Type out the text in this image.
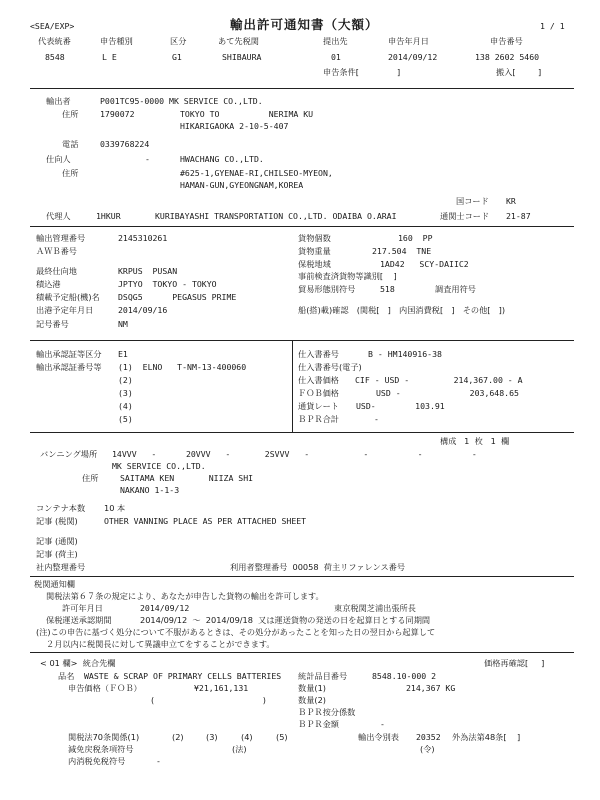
<SEA/EXP>	輸出許可通知書（大額）	1 / 1
代表統番	申告種別	区分	あて先税関	提出先	申告年月日	申告番号
8548	L E	G1	SHIBAURA	01	2014/09/12	138 2602 5460
申告条件[	]	搬入[	]
輸出者	P001TC95-0000 MK SERVICE CO.,LTD.
住所	1790072	TOKYO TO          NERIMA KU
HIKARIGAOKA 2-10-5-407
電話	0339768224
仕向人	-	HWACHANG CO.,LTD.
住所	#625-1,GYENAE-RI,CHILSEO-MYEON,
HAMAN-GUN,GYEONGNAM,KOREA
国コード KR
通関士コード 21-87
代理人	1HKUR	KURIBAYASHI TRANSPORTATION CO.,LTD. ODAIBA O.ARAI
輸出管理番号	2145310261
ＡＷＢ番号
最終仕向地	KRPUS  PUSAN
積込港	JPTYO  TOKYO - TOKYO
積載予定船(機)名 DSQG5      PEGASUS PRIME
出港予定年月日	2014/09/16
記号番号	NM
貨物個数	160  PP
貨物重量	217.504  TNE
保税地域	1AD42   SCY-DAIIC2
事前検査済貨物等識別[    ]
貿易形態別符号	518	調査用符号
船(搭)載)確認　(関税[　]　内国消費税[　]　その他[　])
輸出承認証等区分 E1
輸出承認証番号等 (1)  ELNO   T-NM-13-400060
(2)
(3)
(4)
(5)
仕入書番号	B - HM140916-38
仕入書番号(電子)
仕入書価格 CIF - USD -         214,367.00 - A
ＦＯＢ価格	USD -              203,648.65
通貨レート USD-        103.91
ＢＰＲ合計	-
構成   1  枚   1  欄
バンニング場所 14VVV   -      20VVV   -       2SVVV   -           -          -          -
MK SERVICE CO.,LTD.
住所	SAITAMA KEN       NIIZA SHI
NAKANO 1-1-3
コンテナ本数 10 本
記事 (税関)	OTHER VANNING PLACE AS PER ATTACHED SHEET
記事 (通関)
記事 (荷主)
社内整理番号	利用者整理番号  00058  荷主リファレンス番号
税関通知欄
関税法第６７条の規定により、あなたが申告した貨物の輸出を許可します。
許可年月日	2014/09/12	東京税関芝浦出張所長
保税運送承認期間	2014/09/12  ～  2014/09/18  又は運送貨物の発送の日を起算日とする同期間
(注)この申告に基づく処分について不服があるときは、その処分があったことを知った日の翌日から起算して
２月以内に税関長に対して異議申立てをすることができます。
< 01 欄>  統合先欄	価格再確認[     ]
品名 WASTE & SCRAP OF PRIMARY CELLS BATTERIES 統計品目番号	8548.10-000 2
申告価格（ＦＯＢ）	¥21,161,131
(	)
数量(1)	214,367 KG
数量(2)
ＢＰＲ按分係数
ＢＰＲ金額	-
関税法70条関係(1)	(2)	(3)	(4)	(5)	輸出令別表 20352 外為法第48条[    ]
減免戻税条項符号	(法)	(令)
内消税免税符号	-
